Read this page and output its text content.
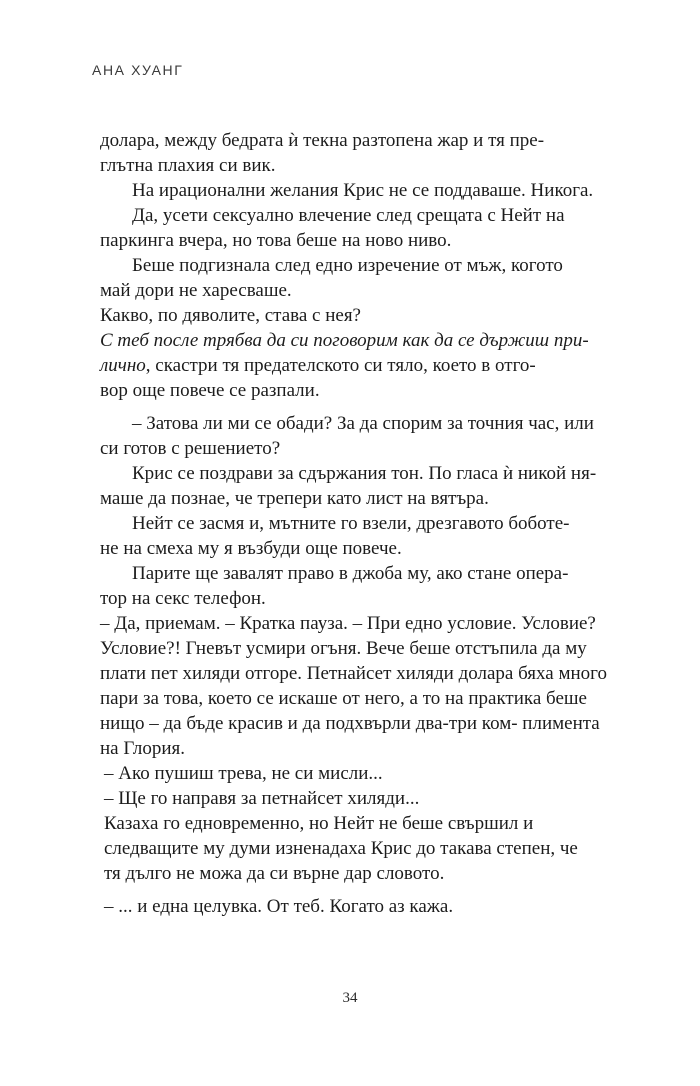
АНА ХУАНГ
долара, между бедрата ѝ текна разтопена жар и тя пре-
глътна плахия си вик.
На ирационални желания Крис не се поддаваше. Никога.
Да, усети сексуално влечение след срещата с Нейт на
паркинга вчера, но това беше на ново ниво.
Беше подгизнала след едно изречение от мъж, когото
май дори не харесваше.
Какво, по дяволите, става с нея?
С теб после трябва да си поговорим как да се държиш при-
лично, скастри тя предателското си тяло, което в отго-
вор още повече се разпали.
– Затова ли ми се обади? За да спорим за точния час, или
си готов с решението?
Крис се поздрави за сдържания тон. По гласа ѝ никой ня-
маше да познае, че трепери като лист на вятъра.
Нейт се засмя и, мътните го взели, дрезгавото боботе-
не на смеха му я възбуди още повече.
Парите ще завалят право в джоба му, ако стане опера-
тор на секс телефон.
– Да, приемам. – Кратка пауза. – При едно условие. Условие?
Условие?! Гневът усмири огъня. Вече беше отстъпила да му
плати пет хиляди отгоре. Петнайсет хиляди долара бяха много
пари за това, което се искаше от него, а то на практика беше
нищо – да бъде красив и да подхвърли два-три ком- плимента
на Глория.
– Ако пушиш трева, не си мисли...
– Ще го направя за петнайсет хиляди...
Казаха го едновременно, но Нейт не беше свършил и
следващите му думи изненадаха Крис до такава степен, че
тя дълго не можа да си върне дар словото.
– ... и една целувка. От теб. Когато аз кажа.
34
